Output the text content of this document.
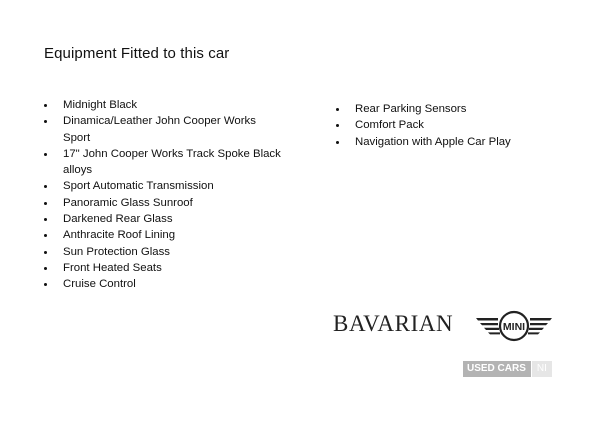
Equipment Fitted to this car
Midnight Black
Dinamica/Leather John Cooper Works Sport
17" John Cooper Works Track Spoke Black alloys
Sport Automatic Transmission
Panoramic Glass Sunroof
Darkened Rear Glass
Anthracite Roof Lining
Sun Protection Glass
Front Heated Seats
Cruise Control
Rear Parking Sensors
Comfort Pack
Navigation with Apple Car Play
BAVARIAN	MINI
USED CARS	NI
